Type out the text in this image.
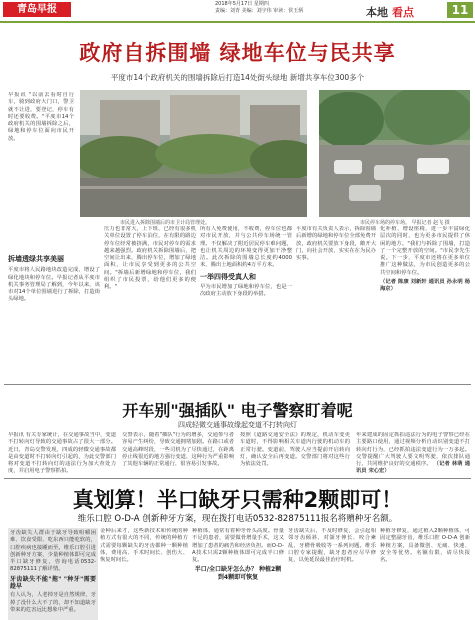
青岛早报	2018年5月17日 星期四
责编：刘青 美编：刘宇伟 审读：侯玉炳	本地 看点	11
政府自拆围墙 绿地车位与民共享
平度市14个政府机关的围墙拆除后打造14处街头绿地 新增共享车位300多个
市民进入拆除围墙后的市卫计局管理处。	市民停车场的停车场。 早报记者 赵飞 摄
早报讯 "以前去看时自行车，骑到政府大门口，警卫就不让进，要登记，停车有时还要收费。"平度市14个政府机关的围墙拆除之后，绿地和停车位面向市民开放。
拆墙透绿共享美丽
平度市将人民路地块改造完成，增设了绿化地块和停车位。早报记者从平度市机关事务管理局了解到，今年以来，该市对14个单位围墙进行了拆除，打造街头绿地。
压力也非常大，上下班，已经有很多机关单位设置了停车泊位，在有限的路边停车位经常被挤满，市民对停车的需求越来越强烈。政府机关拆除围墙后，把空间让出来，腾出停车位，增加了绿地面积，让市民享受到更多的公共空间。"拆墙后新增绿地和停车位，我们组织了市民投票，给他们更多的便利。"
所有人免费使用，不收费，停车位也都对市民开放，并与公共停车场统一管理。不仅解决了附近居民停车难问题，也让机关周边的环境变得更加干净整洁。此次拆除的围墙总长度约4000米，腾出土地面积约4万平方米。
一举四得受真人和
早为市民增加了绿地和停车位，也是一次政府主动放下身段的举措。
平度市有关负责人表示，拆除围墙后新增的绿地和停车位全部免费开放，政府机关要放下身段，敞开大门，向社会开放，实实在在为民办实事。
化补植、增设座椅，进一步丰富绿化层次的同时，也为更多市民提供了休闲的地方。"我们与拆除了围墙，打造了一个完整开放的空间。"市民李先生说。下一步，平度市还将在更多单位推广这种做法，为市民创造更多的公共空间和停车位。
（记者 陈康 刘新轩 通讯员 孙永明 杨海京）
开车别"强插队" 电子警察盯着呢
四成轻微交通事故缘起变道不打转向灯
早报讯 有关专家统计，在交通事故当中，变道不打转向灯导致的交通事故占了很大一部分。近日，青岛交警发现，四成的轻微交通事故都是由变道时不打转向灯引起的，为此交警部门将对变道不打转向灯的违法行为加大查处力度，并启用电子警察抓拍。
交警表示，随着"插队"行为的增多，交通参与者容易产生纠纷，导致交通拥堵加剧。在路口或者交通高峰时段，一些司机为了尽快通过，在距离停止线很近的地方强行变道，这种行为严重影响了其他车辆的正常通行，很容易引发事故。
按照《道路交通安全法》的规定，机动车变更车道时，不得影响相关车道内行驶的机动车的正常行驶。变道前，驾驶人应当提前开启转向灯，确认安全后再变道。交警部门将对这些行为依法处罚。
年来建成的固定抓拍违法行为的电子警察已经在主要路口使用，通过视频分析自动识别变道不打转向灯行为，已经抓拍违法变道行为一万多起。交警提醒广大驾驶人要文明驾驶，依次排队通行，共同维护良好的交通秩序。 （记者 林萌 通讯员 宋心宏）
真划算！半口缺牙只需种2颗即可！
维乐口腔 O-D-A 创新种牙方案，现在拨打电话0532-82875111报名将赠种牙名额。
牙齿缺失人群由于缺牙导致咀嚼困难、饮食受限、吃东西只能吃软的，口腔疾病也接踵而至。维乐口腔引进创新种牙方案，少量种植体即可完成半口缺牙修复，咨询电话0532-82875111了解详情。
牙齿缺失不能"拖" "种牙"需要趁早
有人认为，人老掉牙是自然规律，牙掉了没什么大不了的，却不知道缺牙带来的危害远比想象中严重。
金种后来才，这些新技术和传统的种植方式有很大的不同，传统的种植方式需要每颗缺失的牙齿都种一颗种植体，费用高、手术时间长、创伤大、恢复时间长。
种植体，通常有着种牙骨头高度。骨量不足的患者，需要做骨增量手术，这又增加了患者的痛苦和经济负担。而O-D-A技术只需2颗种植体即可完成半口修复。
半口/全口缺牙怎么办？ 种植2颗到4颗即可恢复
牙齿缺失后，不及时修复，会引起相邻牙齿倾斜、对颌牙伸长、咬合紊乱、牙槽骨吸收等一系列问题。维乐口腔专家提醒，缺牙患者应尽早修复，以免延误最佳治疗时机。
种植牙修复，通过植入2颗种植体，可固定整副牙齿，维乐口腔 O-D-A 创新种植方案，具备微创、无痛、快速、安全等优势。名额有限，请尽快报名。
